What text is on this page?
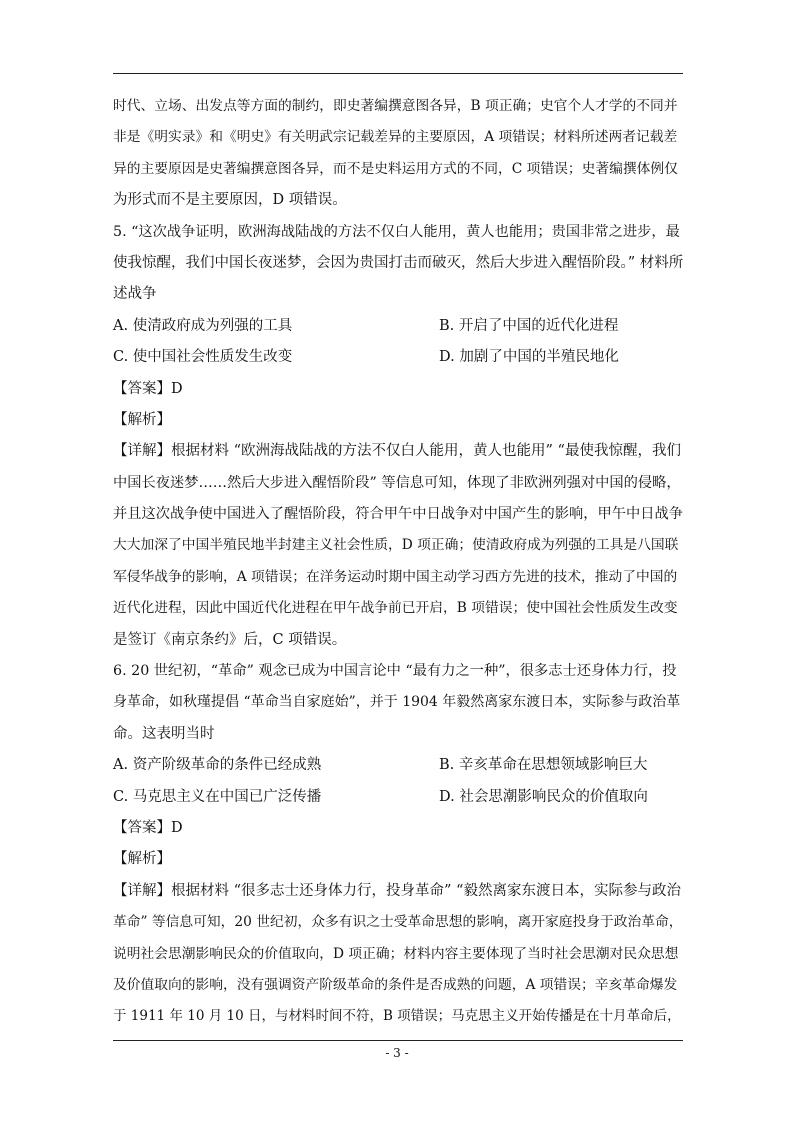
时代、立场、出发点等方面的制约，即史著编撰意图各异，B 项正确；史官个人才学的不同并
非是《明实录》和《明史》有关明武宗记载差异的主要原因，A 项错误；材料所述两者记载差
异的主要原因是史著编撰意图各异，而不是史料运用方式的不同，C 项错误；史著编撰体例仅
为形式而不是主要原因，D 项错误。
5. “这次战争证明，欧洲海战陆战的方法不仅白人能用，黄人也能用；贵国非常之进步，最
使我惊醒，我们中国长夜迷梦，会因为贵国打击而破灭，然后大步进入醒悟阶段。” 材料所
述战争
A. 使清政府成为列强的工具	B. 开启了中国的近代化进程
C. 使中国社会性质发生改变	D. 加剧了中国的半殖民地化
【答案】D
【解析】
【详解】根据材料 “欧洲海战陆战的方法不仅白人能用，黄人也能用” “最使我惊醒，我们
中国长夜迷梦……然后大步进入醒悟阶段” 等信息可知，体现了非欧洲列强对中国的侵略，
并且这次战争使中国进入了醒悟阶段，符合甲午中日战争对中国产生的影响，甲午中日战争
大大加深了中国半殖民地半封建主义社会性质，D 项正确；使清政府成为列强的工具是八国联
军侵华战争的影响，A 项错误；在洋务运动时期中国主动学习西方先进的技术，推动了中国的
近代化进程，因此中国近代化进程在甲午战争前已开启，B 项错误；使中国社会性质发生改变
是签订《南京条约》后，C 项错误。
6. 20 世纪初，“革命” 观念已成为中国言论中 “最有力之一种”，很多志士还身体力行，投
身革命，如秋瑾提倡 “革命当自家庭始”，并于 1904 年毅然离家东渡日本，实际参与政治革
命。这表明当时
A. 资产阶级革命的条件已经成熟	B. 辛亥革命在思想领域影响巨大
C. 马克思主义在中国已广泛传播	D. 社会思潮影响民众的价值取向
【答案】D
【解析】
【详解】根据材料 “很多志士还身体力行，投身革命” “毅然离家东渡日本，实际参与政治
革命” 等信息可知，20 世纪初，众多有识之士受革命思想的影响，离开家庭投身于政治革命，
说明社会思潮影响民众的价值取向，D 项正确；材料内容主要体现了当时社会思潮对民众思想
及价值取向的影响，没有强调资产阶级革命的条件是否成熟的问题，A 项错误；辛亥革命爆发
于 1911 年 10 月 10 日，与材料时间不符，B 项错误；马克思主义开始传播是在十月革命后，
- 3 -
